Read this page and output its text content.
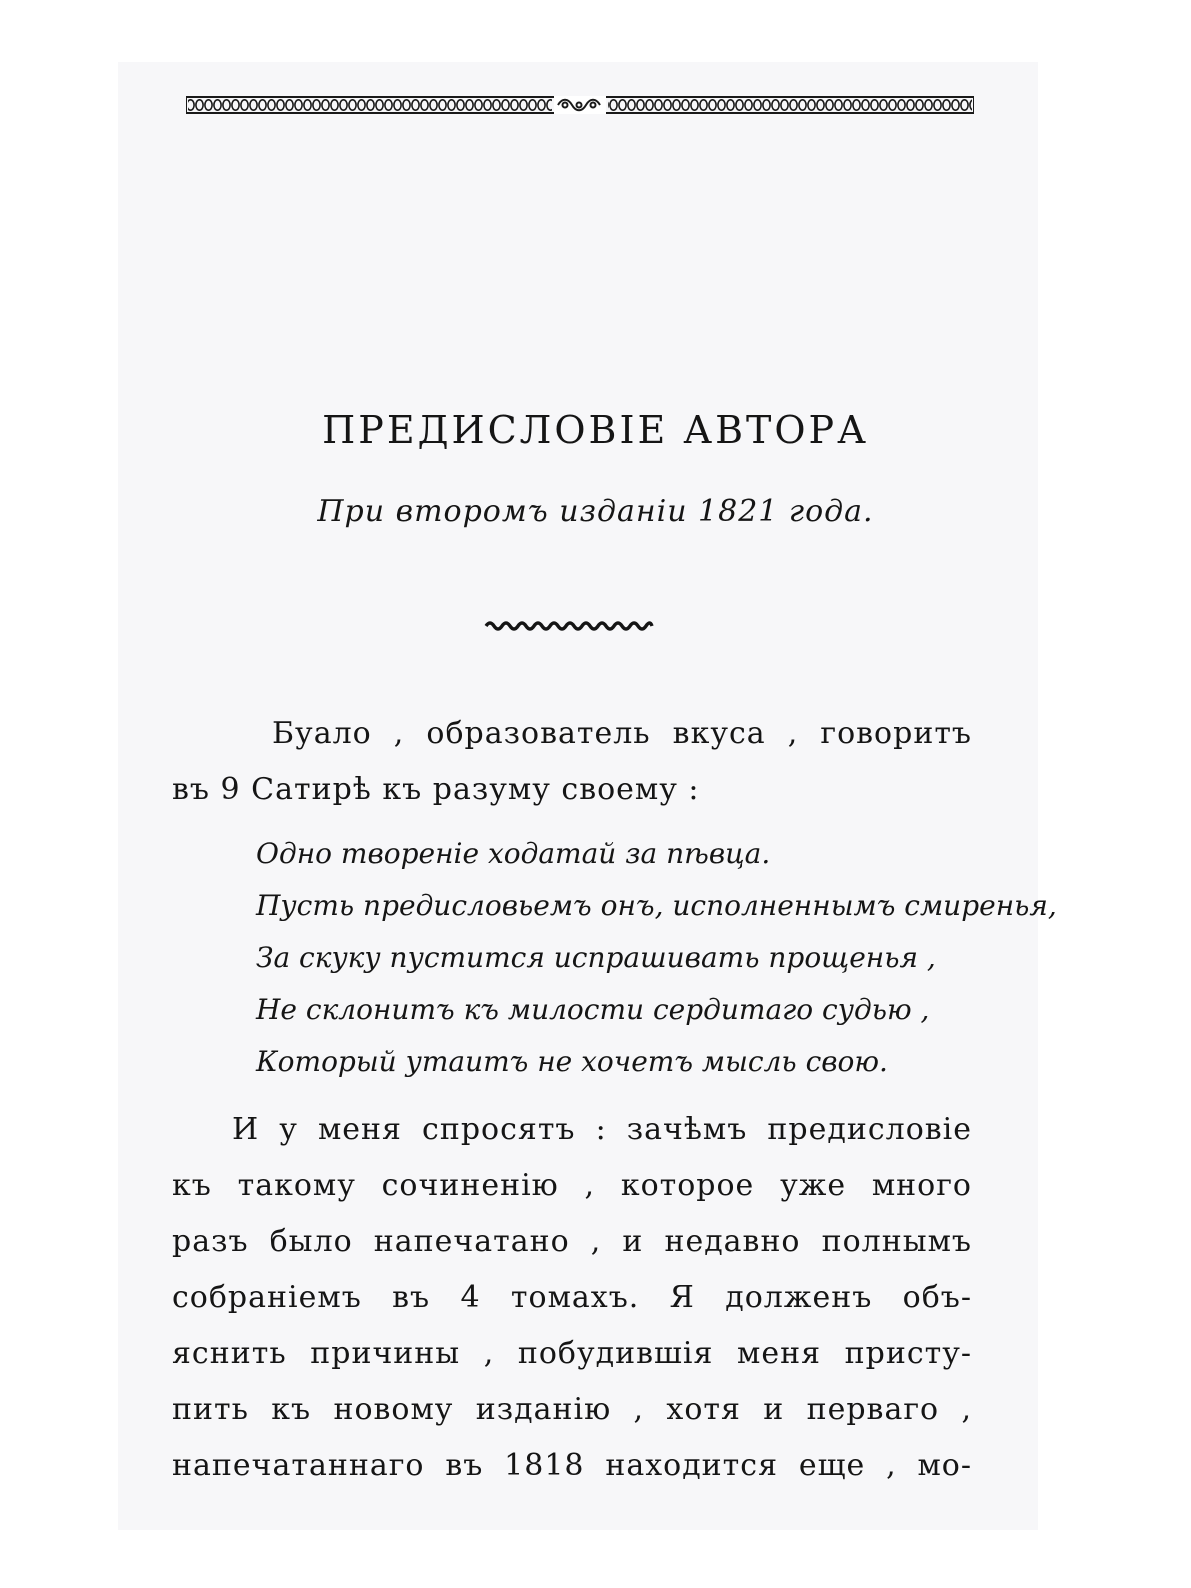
ПРЕДИСЛОВІЕ АВТОРА
При второмъ изданіи 1821 года.
Буало , образователь вкуса , говоритъ
въ 9 Сатирѣ къ разуму своему :
Одно творенiе ходатай за пѣвца.
Пусть предисловьемъ онъ, исполненнымъ смиренья,
За скуку пустится испрашивать прощенья ,
Не склонитъ къ милости сердитаго судью ,
Который утаитъ не хочетъ мысль свою.
И у меня спросятъ : зачѣмъ предисловіе
къ такому сочиненію , которое уже много
разъ было напечатано , и недавно полнымъ
собраніемъ въ 4 томахъ. Я долженъ объ-
яснить причины , побудившія меня присту-
пить къ новому изданію , хотя и перваго ,
напечатаннаго въ 1818 находится еще , мо-
